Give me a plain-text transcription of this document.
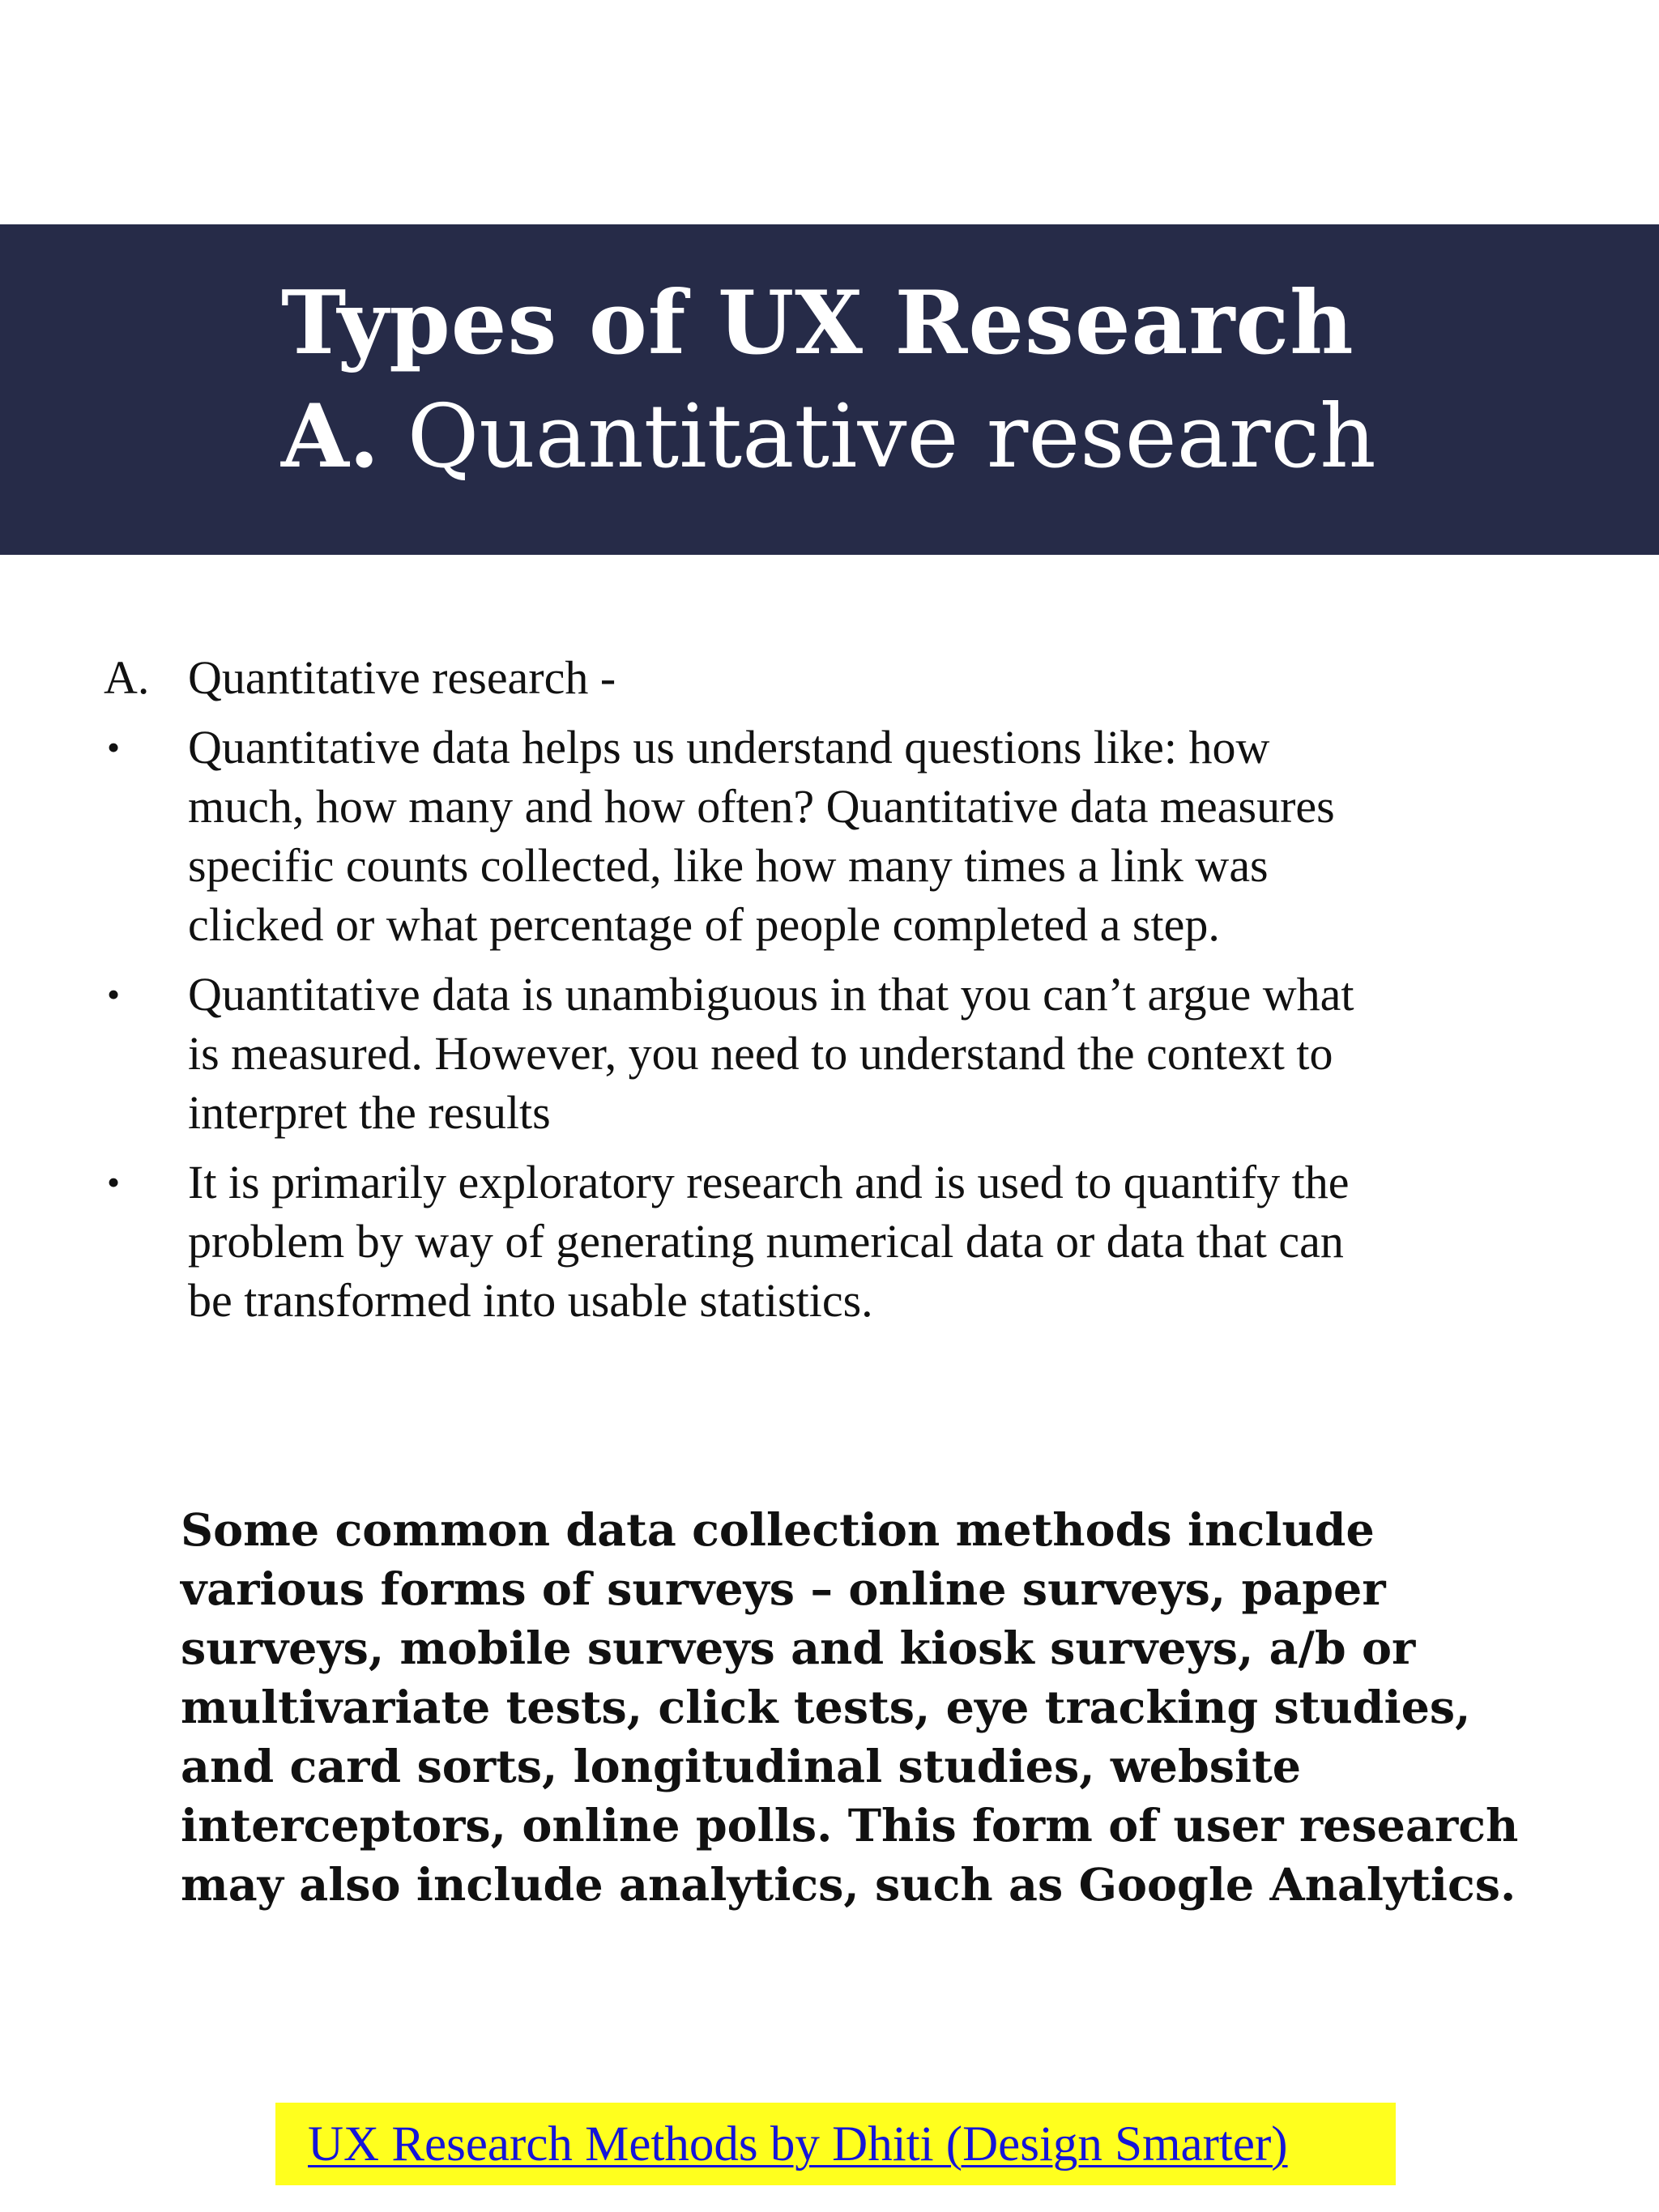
Types of UX Research
A. Quantitative research
A. Quantitative research -
• Quantitative data helps us understand questions like: how
much, how many and how often? Quantitative data measures
specific counts collected, like how many times a link was
clicked or what percentage of people completed a step.
• Quantitative data is unambiguous in that you can’t argue what
is measured. However, you need to understand the context to
interpret the results
• It is primarily exploratory research and is used to quantify the
problem by way of generating numerical data or data that can
be transformed into usable statistics.
Some common data collection methods include
various forms of surveys – online surveys, paper
surveys, mobile surveys and kiosk surveys, a/b or
multivariate tests, click tests, eye tracking studies,
and card sorts, longitudinal studies, website
interceptors, online polls. This form of user research
may also include analytics, such as Google Analytics.
UX Research Methods by Dhiti (Design Smarter)
